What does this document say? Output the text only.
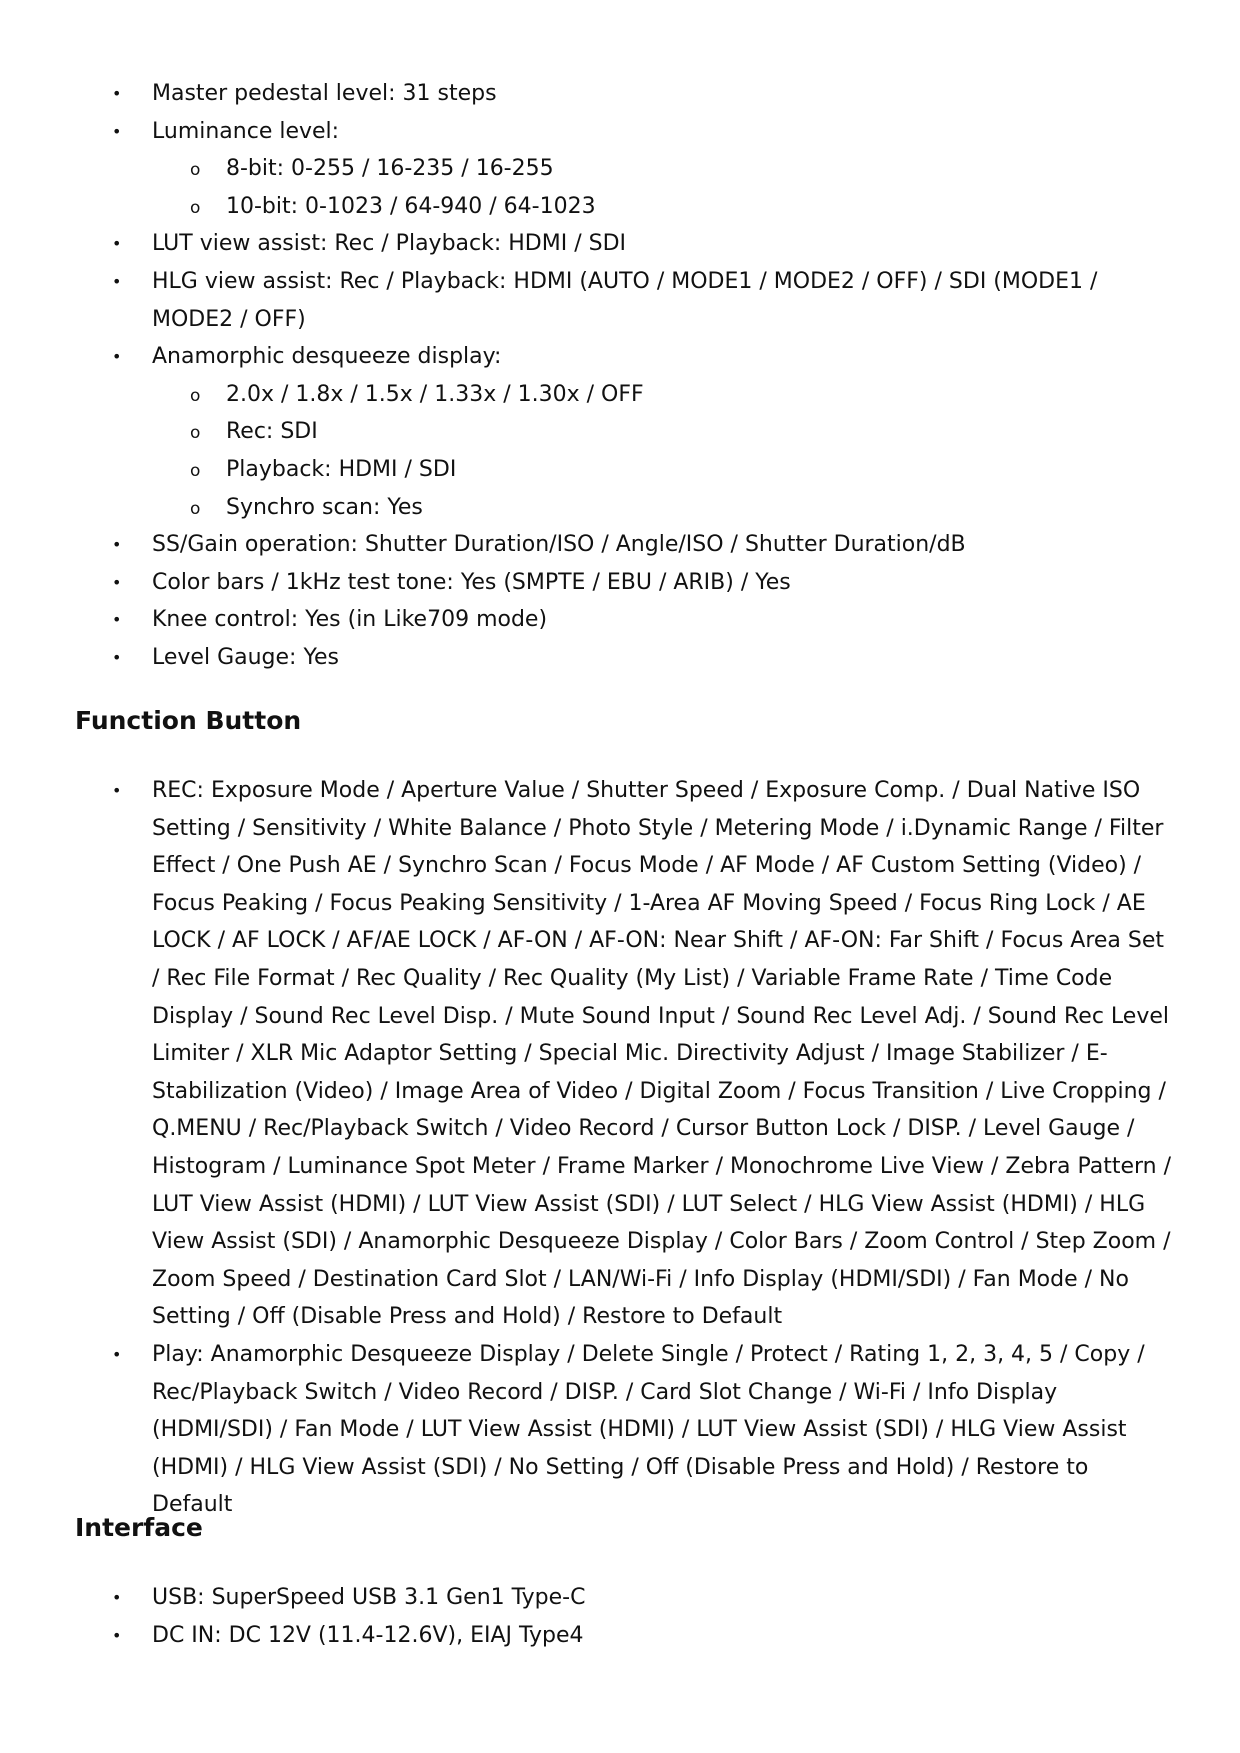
• Master pedestal level: 31 steps
• Luminance level:
o 8-bit: 0-255 / 16-235 / 16-255
o 10-bit: 0-1023 / 64-940 / 64-1023
• LUT view assist: Rec / Playback: HDMI / SDI
• HLG view assist: Rec / Playback: HDMI (AUTO / MODE1 / MODE2 / OFF) / SDI (MODE1 / MODE2 / OFF)
• Anamorphic desqueeze display:
o 2.0x / 1.8x / 1.5x / 1.33x / 1.30x / OFF
o Rec: SDI
o Playback: HDMI / SDI
o Synchro scan: Yes
• SS/Gain operation: Shutter Duration/ISO / Angle/ISO / Shutter Duration/dB
• Color bars / 1kHz test tone: Yes (SMPTE / EBU / ARIB) / Yes
• Knee control: Yes (in Like709 mode)
• Level Gauge: Yes
Function Button
• REC: Exposure Mode / Aperture Value / Shutter Speed / Exposure Comp. / Dual Native ISO Setting / Sensitivity / White Balance / Photo Style / Metering Mode / i.Dynamic Range / Filter Effect / One Push AE / Synchro Scan / Focus Mode / AF Mode / AF Custom Setting (Video) / Focus Peaking / Focus Peaking Sensitivity / 1-Area AF Moving Speed / Focus Ring Lock / AE LOCK / AF LOCK / AF/AE LOCK / AF-ON / AF-ON: Near Shift / AF-ON: Far Shift / Focus Area Set / Rec File Format / Rec Quality / Rec Quality (My List) / Variable Frame Rate / Time Code Display / Sound Rec Level Disp. / Mute Sound Input / Sound Rec Level Adj. / Sound Rec Level Limiter / XLR Mic Adaptor Setting / Special Mic. Directivity Adjust / Image Stabilizer / E-Stabilization (Video) / Image Area of Video / Digital Zoom / Focus Transition / Live Cropping / Q.MENU / Rec/Playback Switch / Video Record / Cursor Button Lock / DISP. / Level Gauge / Histogram / Luminance Spot Meter / Frame Marker / Monochrome Live View / Zebra Pattern / LUT View Assist (HDMI) / LUT View Assist (SDI) / LUT Select / HLG View Assist (HDMI) / HLG View Assist (SDI) / Anamorphic Desqueeze Display / Color Bars / Zoom Control / Step Zoom / Zoom Speed / Destination Card Slot / LAN/Wi-Fi / Info Display (HDMI/SDI) / Fan Mode / No Setting / Off (Disable Press and Hold) / Restore to Default
• Play: Anamorphic Desqueeze Display / Delete Single / Protect / Rating 1, 2, 3, 4, 5 / Copy / Rec/Playback Switch / Video Record / DISP. / Card Slot Change / Wi-Fi / Info Display (HDMI/SDI) / Fan Mode / LUT View Assist (HDMI) / LUT View Assist (SDI) / HLG View Assist (HDMI) / HLG View Assist (SDI) / No Setting / Off (Disable Press and Hold) / Restore to Default
Interface
• USB: SuperSpeed USB 3.1 Gen1 Type-C
• DC IN: DC 12V (11.4-12.6V), EIAJ Type4
